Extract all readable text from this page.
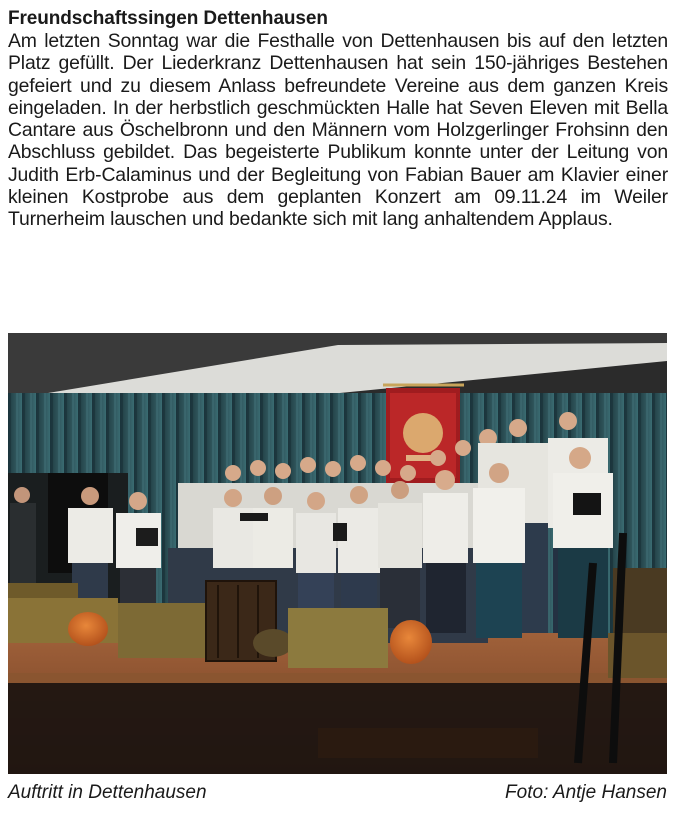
Freundschaftssingen Dettenhausen

Am letzten Sonntag war die Festhalle von Dettenhausen bis auf den letzten Platz gefüllt. Der Liederkranz Dettenhausen hat sein 150-jähriges Bestehen gefeiert und zu diesem Anlass befreundete Vereine aus dem ganzen Kreis eingeladen. In der herbstlich geschmückten Halle hat Seven Eleven mit Bella Cantare aus Öschelbronn und den Männern vom Holzgerlinger Frohsinn den Abschluss gebildet. Das begeisterte Publikum konnte unter der Leitung von Judith Erb-Calaminus und der Begleitung von Fabian Bauer am Klavier einer kleinen Kostprobe aus dem geplanten Konzert am 09.11.24 im Weiler Turnerheim lauschen und bedankte sich mit lang anhaltendem Applaus.

Auftritt in Dettenhausen	Foto: Antje Hansen
